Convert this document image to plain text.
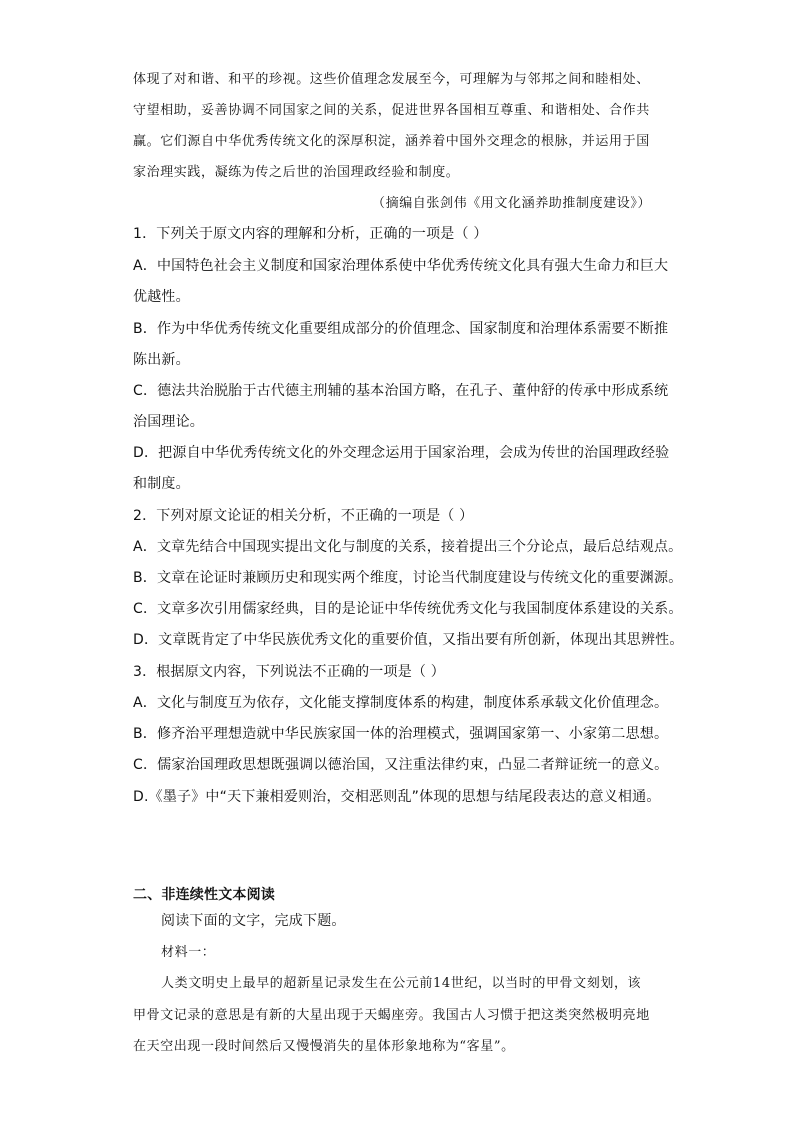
体现了对和谐、和平的珍视。这些价值理念发展至今，可理解为与邻邦之间和睦相处、
守望相助，妥善协调不同国家之间的关系，促进世界各国相互尊重、和谐相处、合作共
赢。它们源自中华优秀传统文化的深厚积淀，涵养着中国外交理念的根脉，并运用于国
家治理实践，凝练为传之后世的治国理政经验和制度。
（摘编自张剑伟《用文化涵养助推制度建设》）
1．下列关于原文内容的理解和分析，正确的一项是（ ）
A．中国特色社会主义制度和国家治理体系使中华优秀传统文化具有强大生命力和巨大
优越性。
B．作为中华优秀传统文化重要组成部分的价值理念、国家制度和治理体系需要不断推
陈出新。
C．德法共治脱胎于古代德主刑辅的基本治国方略，在孔子、董仲舒的传承中形成系统
治国理论。
D．把源自中华优秀传统文化的外交理念运用于国家治理，会成为传世的治国理政经验
和制度。
2．下列对原文论证的相关分析，不正确的一项是（ ）
A．文章先结合中国现实提出文化与制度的关系，接着提出三个分论点，最后总结观点。
B．文章在论证时兼顾历史和现实两个维度，讨论当代制度建设与传统文化的重要渊源。
C．文章多次引用儒家经典，目的是论证中华传统优秀文化与我国制度体系建设的关系。
D．文章既肯定了中华民族优秀文化的重要价值，又指出要有所创新，体现出其思辨性。
3．根据原文内容，下列说法不正确的一项是（ ）
A．文化与制度互为依存，文化能支撑制度体系的构建，制度体系承载文化价值理念。
B．修齐治平理想造就中华民族家国一体的治理模式，强调国家第一、小家第二思想。
C．儒家治国理政思想既强调以德治国，又注重法律约束，凸显二者辩证统一的意义。
D.《墨子》中“天下兼相爱则治，交相恶则乱”体现的思想与结尾段表达的意义相通。
二、非连续性文本阅读
阅读下面的文字，完成下题。
材料一：
人类文明史上最早的超新星记录发生在公元前14世纪，以当时的甲骨文刻划，该
甲骨文记录的意思是有新的大星出现于天蝎座旁。我国古人习惯于把这类突然极明亮地
在天空出现一段时间然后又慢慢消失的星体形象地称为“客星”。
